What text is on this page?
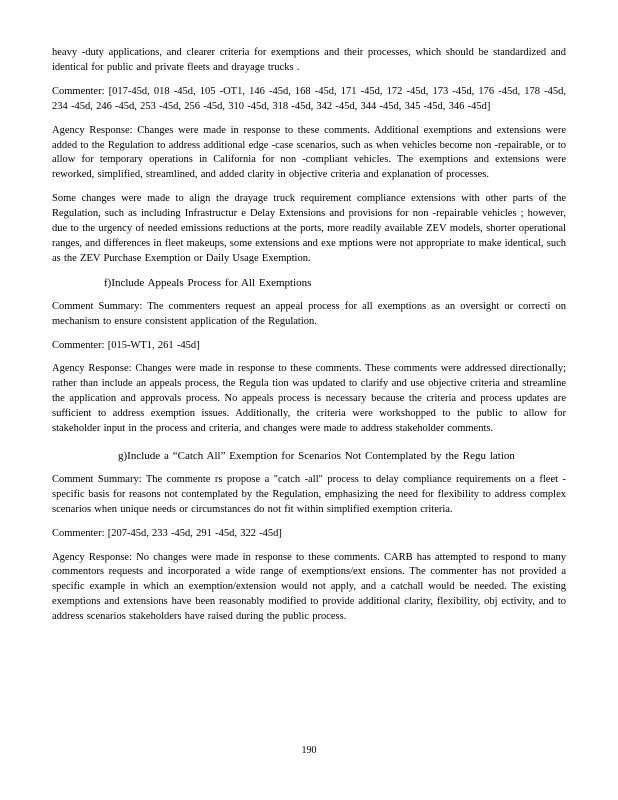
heavy -duty applications, and clearer criteria for exemptions and their processes, which should be standardized and identical for public and private fleets and drayage trucks .

Commenter: [017-45d, 018 -45d, 105 -OT1, 146 -45d, 168 -45d, 171 -45d, 172 -45d, 173 -45d, 176 -45d, 178 -45d, 234 -45d, 246 -45d, 253 -45d, 256 -45d, 310 -45d, 318 -45d, 342 -45d, 344 -45d, 345 -45d, 346 -45d]

Agency Response: Changes were made in response to these comments. Additional exemptions and extensions were added to the Regulation to address additional edge -case scenarios, such as when vehicles become non -repairable, or to allow for temporary operations in California for non -compliant vehicles. The exemptions and extensions were reworked, simplified, streamlined, and added clarity in objective criteria and explanation of processes.

Some changes were made to align the drayage truck requirement compliance extensions with other parts of the Regulation, such as including Infrastructur e Delay Extensions and provisions for non -repairable vehicles ; however, due to the urgency of needed emissions reductions at the ports, more readily available ZEV models, shorter operational ranges, and differences in fleet makeups, some extensions and exe mptions were not appropriate to make identical, such as the ZEV Purchase Exemption or Daily Usage Exemption.

f)Include Appeals Process for All Exemptions

Comment Summary: The commenters request an appeal process for all exemptions as an oversight or correcti on mechanism to ensure consistent application of the Regulation.

Commenter: [015-WT1, 261 -45d]

Agency Response: Changes were made in response to these comments. These comments were addressed directionally; rather than include an appeals process, the Regula tion was updated to clarify and use objective criteria and streamline the application and approvals process. No appeals process is necessary because the criteria and process updates are sufficient to address exemption issues. Additionally, the criteria were workshopped to the public to allow for stakeholder input in the process and criteria, and changes were made to address stakeholder comments.

g)Include a “Catch All” Exemption for Scenarios Not Contemplated by the Regu lation

Comment Summary: The commente rs propose a "catch -all" process to delay compliance requirements on a fleet -specific basis for reasons not contemplated by the Regulation, emphasizing the need for flexibility to address complex scenarios when unique needs or circumstances do not fit within simplified exemption criteria.

Commenter: [207-45d, 233 -45d, 291 -45d, 322 -45d]

Agency Response: No changes were made in response to these comments. CARB has attempted to respond to many commentors requests and incorporated a wide range of exemptions/ext ensions. The commenter has not provided a specific example in which an exemption/extension would not apply, and a catchall would be needed. The existing exemptions and extensions have been reasonably modified to provide additional clarity, flexibility, obj ectivity, and to address scenarios stakeholders have raised during the public process.

190
